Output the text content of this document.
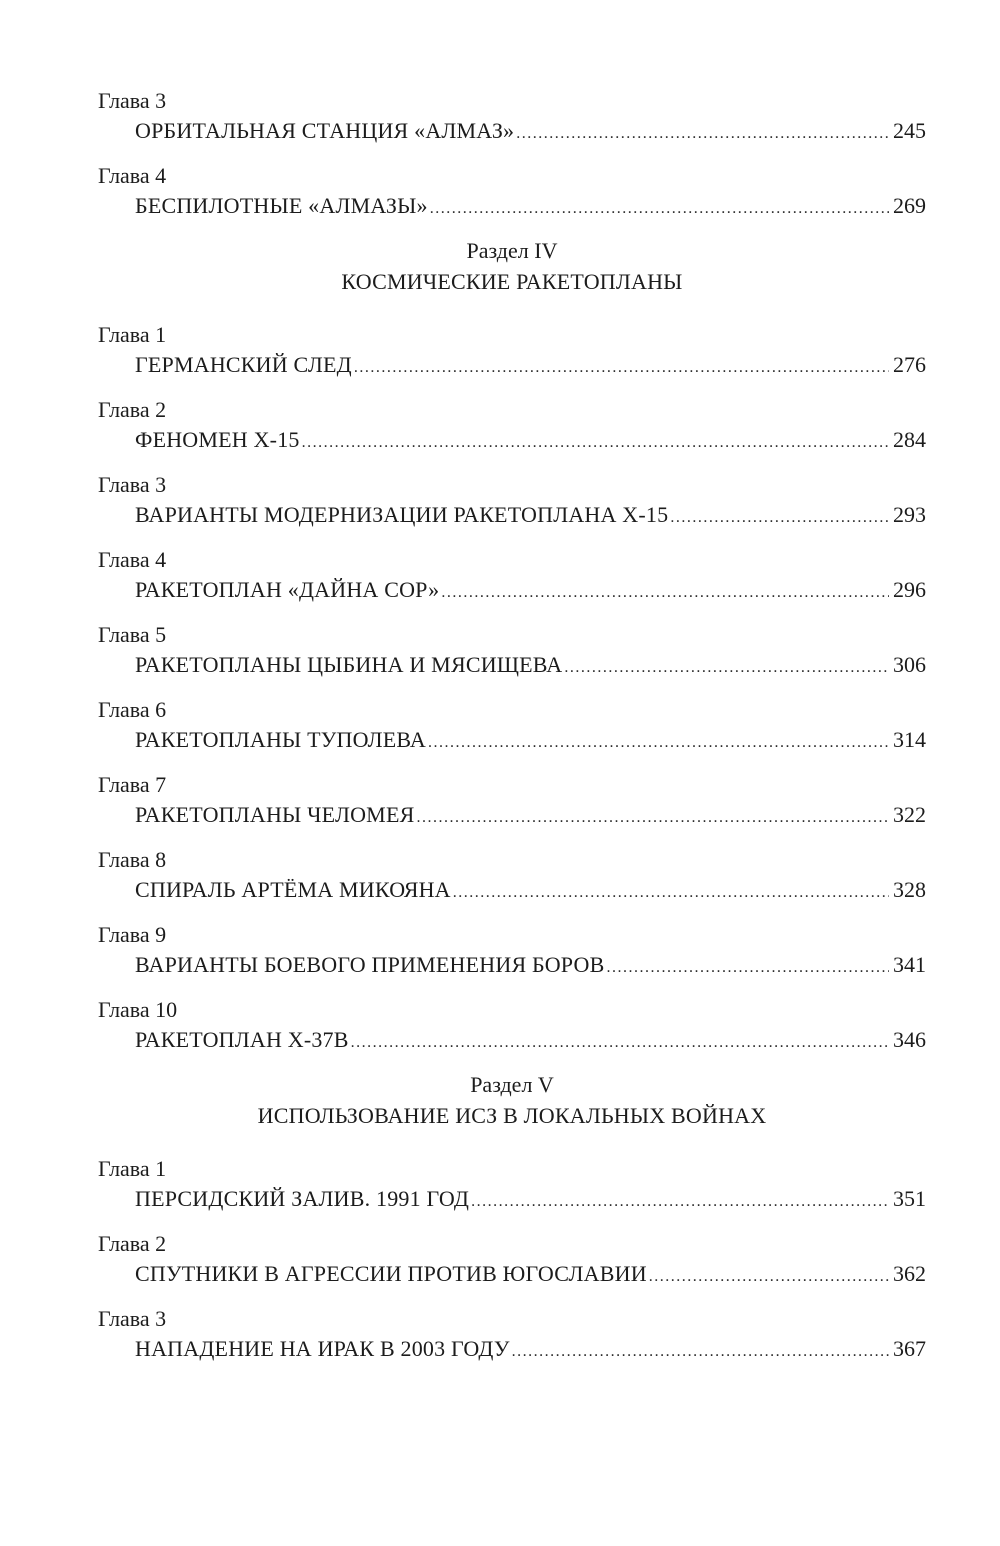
Глава 3
ОРБИТАЛЬНАЯ СТАНЦИЯ «АЛМАЗ» .....	245
Глава 4
БЕСПИЛОТНЫЕ «АЛМАЗЫ» .....	269
Раздел IV
КОСМИЧЕСКИЕ РАКЕТОПЛАНЫ
Глава 1
ГЕРМАНСКИЙ СЛЕД .....	276
Глава 2
ФЕНОМЕН Х-15 .....	284
Глава 3
ВАРИАНТЫ МОДЕРНИЗАЦИИ РАКЕТОПЛАНА Х-15 .....	293
Глава 4
РАКЕТОПЛАН «ДАЙНА СОР» .....	296
Глава 5
РАКЕТОПЛАНЫ ЦЫБИНА И МЯСИЩЕВА .....	306
Глава 6
РАКЕТОПЛАНЫ ТУПОЛЕВА .....	314
Глава 7
РАКЕТОПЛАНЫ ЧЕЛОМЕЯ .....	322
Глава 8
СПИРАЛЬ АРТЁМА МИКОЯНА .....	328
Глава 9
ВАРИАНТЫ БОЕВОГО ПРИМЕНЕНИЯ БОРОВ .....	341
Глава 10
РАКЕТОПЛАН Х-37В .....	346
Раздел V
ИСПОЛЬЗОВАНИЕ ИСЗ В ЛОКАЛЬНЫХ ВОЙНАХ
Глава 1
ПЕРСИДСКИЙ ЗАЛИВ. 1991 ГОД .....	351
Глава 2
СПУТНИКИ В АГРЕССИИ ПРОТИВ ЮГОСЛАВИИ .....	362
Глава 3
НАПАДЕНИЕ НА ИРАК В 2003 ГОДУ .....	367
